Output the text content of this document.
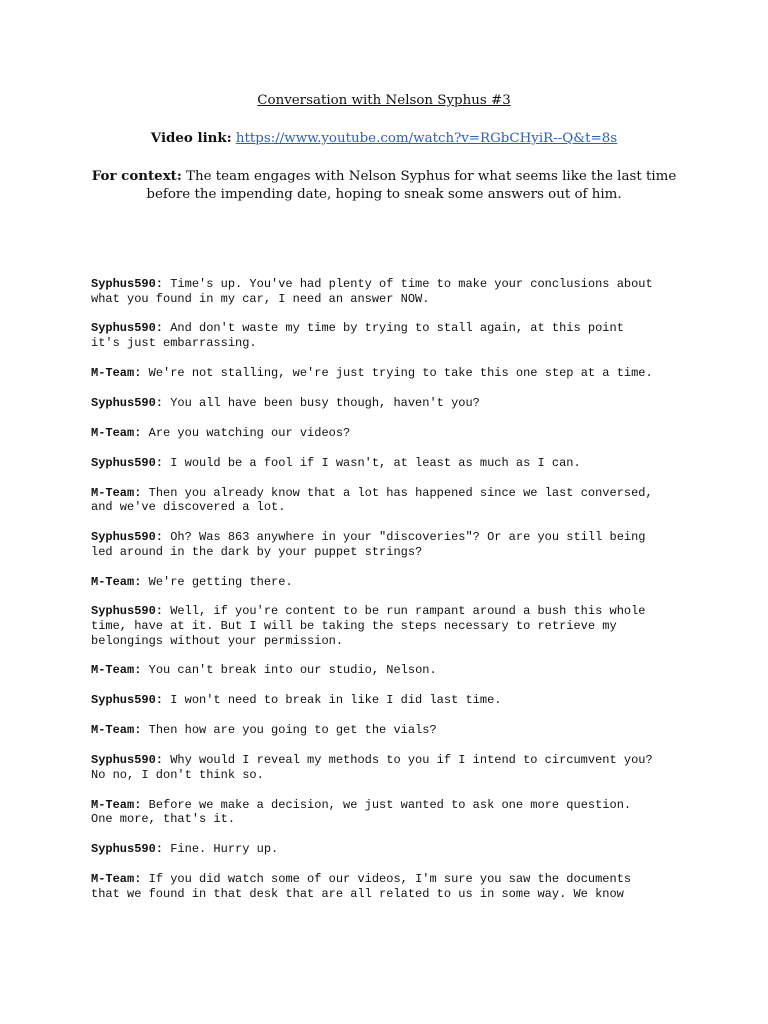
Conversation with Nelson Syphus #3
Video link: https://www.youtube.com/watch?v=RGbCHyiR--Q&t=8s
For context: The team engages with Nelson Syphus for what seems like the last time before the impending date, hoping to sneak some answers out of him.
Syphus590: Time's up. You've had plenty of time to make your conclusions about
what you found in my car, I need an answer NOW.
Syphus590: And don't waste my time by trying to stall again, at this point
it's just embarrassing.
M-Team: We're not stalling, we're just trying to take this one step at a time.
Syphus590: You all have been busy though, haven't you?
M-Team: Are you watching our videos?
Syphus590: I would be a fool if I wasn't, at least as much as I can.
M-Team: Then you already know that a lot has happened since we last conversed,
and we've discovered a lot.
Syphus590: Oh? Was 863 anywhere in your "discoveries"? Or are you still being
led around in the dark by your puppet strings?
M-Team: We're getting there.
Syphus590: Well, if you're content to be run rampant around a bush this whole
time, have at it. But I will be taking the steps necessary to retrieve my
belongings without your permission.
M-Team: You can't break into our studio, Nelson.
Syphus590: I won't need to break in like I did last time.
M-Team: Then how are you going to get the vials?
Syphus590: Why would I reveal my methods to you if I intend to circumvent you?
No no, I don't think so.
M-Team: Before we make a decision, we just wanted to ask one more question.
One more, that's it.
Syphus590: Fine. Hurry up.
M-Team: If you did watch some of our videos, I'm sure you saw the documents
that we found in that desk that are all related to us in some way. We know
